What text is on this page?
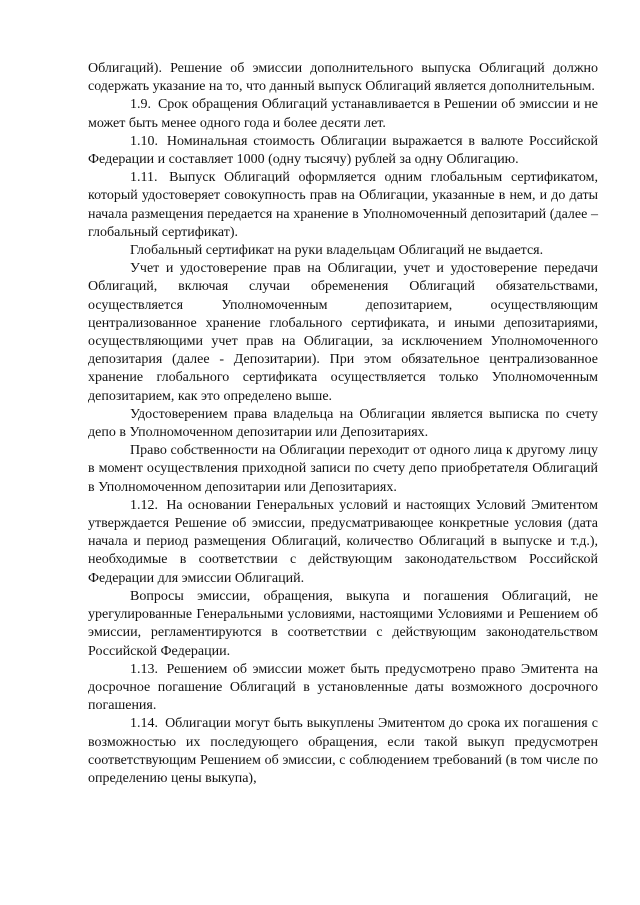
Облигаций). Решение об эмиссии дополнительного выпуска Облигаций должно содержать указание на то, что данный выпуск Облигаций является дополнительным.

1.9. Срок обращения Облигаций устанавливается в Решении об эмиссии и не может быть менее одного года и более десяти лет.

1.10. Номинальная стоимость Облигации выражается в валюте Российской Федерации и составляет 1000 (одну тысячу) рублей за одну Облигацию.

1.11. Выпуск Облигаций оформляется одним глобальным сертификатом, который удостоверяет совокупность прав на Облигации, указанные в нем, и до даты начала размещения передается на хранение в Уполномоченный депозитарий (далее – глобальный сертификат).

Глобальный сертификат на руки владельцам Облигаций не выдается.

Учет и удостоверение прав на Облигации, учет и удостоверение передачи Облигаций, включая случаи обременения Облигаций обязательствами, осуществляется Уполномоченным депозитарием, осуществляющим централизованное хранение глобального сертификата, и иными депозитариями, осуществляющими учет прав на Облигации, за исключением Уполномоченного депозитария (далее - Депозитарии). При этом обязательное централизованное хранение глобального сертификата осуществляется только Уполномоченным депозитарием, как это определено выше.

Удостоверением права владельца на Облигации является выписка по счету депо в Уполномоченном депозитарии или Депозитариях.

Право собственности на Облигации переходит от одного лица к другому лицу в момент осуществления приходной записи по счету депо приобретателя Облигаций в Уполномоченном депозитарии или Депозитариях.

1.12. На основании Генеральных условий и настоящих Условий Эмитентом утверждается Решение об эмиссии, предусматривающее конкретные условия (дата начала и период размещения Облигаций, количество Облигаций в выпуске и т.д.), необходимые в соответствии с действующим законодательством Российской Федерации для эмиссии Облигаций.

Вопросы эмиссии, обращения, выкупа и погашения Облигаций, не урегулированные Генеральными условиями, настоящими Условиями и Решением об эмиссии, регламентируются в соответствии с действующим законодательством Российской Федерации.

1.13. Решением об эмиссии может быть предусмотрено право Эмитента на досрочное погашение Облигаций в установленные даты возможного досрочного погашения.

1.14. Облигации могут быть выкуплены Эмитентом до срока их погашения с возможностью их последующего обращения, если такой выкуп предусмотрен соответствующим Решением об эмиссии, с соблюдением требований (в том числе по определению цены выкупа),
